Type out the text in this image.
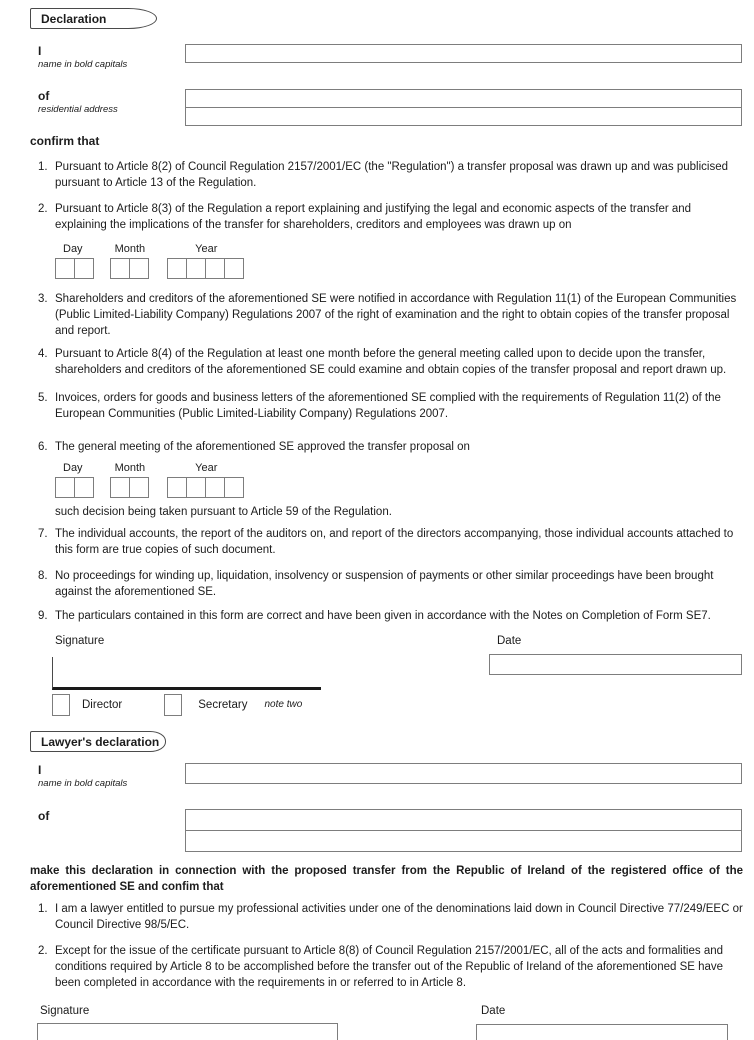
Declaration
I
name in bold capitals
of
residential address
confirm that
1. Pursuant to Article 8(2) of Council Regulation 2157/2001/EC (the "Regulation") a transfer proposal was drawn up and was publicised pursuant to Article 13 of the Regulation.
2. Pursuant to Article 8(3) of the Regulation a report explaining and justifying the legal and economic aspects of the transfer and explaining the implications of the transfer for shareholders, creditors and employees was drawn up on
Day	Month	Year
3. Shareholders and creditors of the aforementioned SE were notified in accordance with Regulation 11(1) of the European Communities (Public Limited-Liability Company) Regulations 2007 of the right of examination and the right to obtain copies of the transfer proposal and report.
4. Pursuant to Article 8(4) of the Regulation at least one month before the general meeting called upon to decide upon the transfer, shareholders and creditors of the aforementioned SE could examine and obtain copies of the transfer proposal and report drawn up.
5. Invoices, orders for goods and business letters of the aforementioned SE complied with the requirements of Regulation 11(2) of the European Communities (Public Limited-Liability Company) Regulations 2007.
6. The general meeting of the aforementioned SE approved the transfer proposal on
Day	Month	Year
such decision being taken pursuant to Article 59 of the Regulation.
7. The individual accounts, the report of the auditors on, and report of the directors accompanying, those individual accounts attached to this form are true copies of such document.
8. No proceedings for winding up, liquidation, insolvency or suspension of payments or other similar proceedings have been brought against the aforementioned SE.
9. The particulars contained in this form are correct and have been given in accordance with the Notes on Completion of Form SE7.
Signature	Date
Director	Secretary note two
Lawyer's declaration
I
name in bold capitals
of
make this declaration in connection with the proposed transfer from the Republic of Ireland of the registered office of the aforementioned SE and confim that
1. I am a lawyer entitled to pursue my professional activities under one of the denominations laid down in Council Directive 77/249/EEC or Council Directive 98/5/EC.
2. Except for the issue of the certificate pursuant to Article 8(8) of Council Regulation 2157/2001/EC, all of the acts and formalities and conditions required by Article 8 to be accomplished before the transfer out of the Republic of Ireland of the aforementioned SE have been completed in accordance with the requirements in or referred to in Article 8.
Signature	Date
